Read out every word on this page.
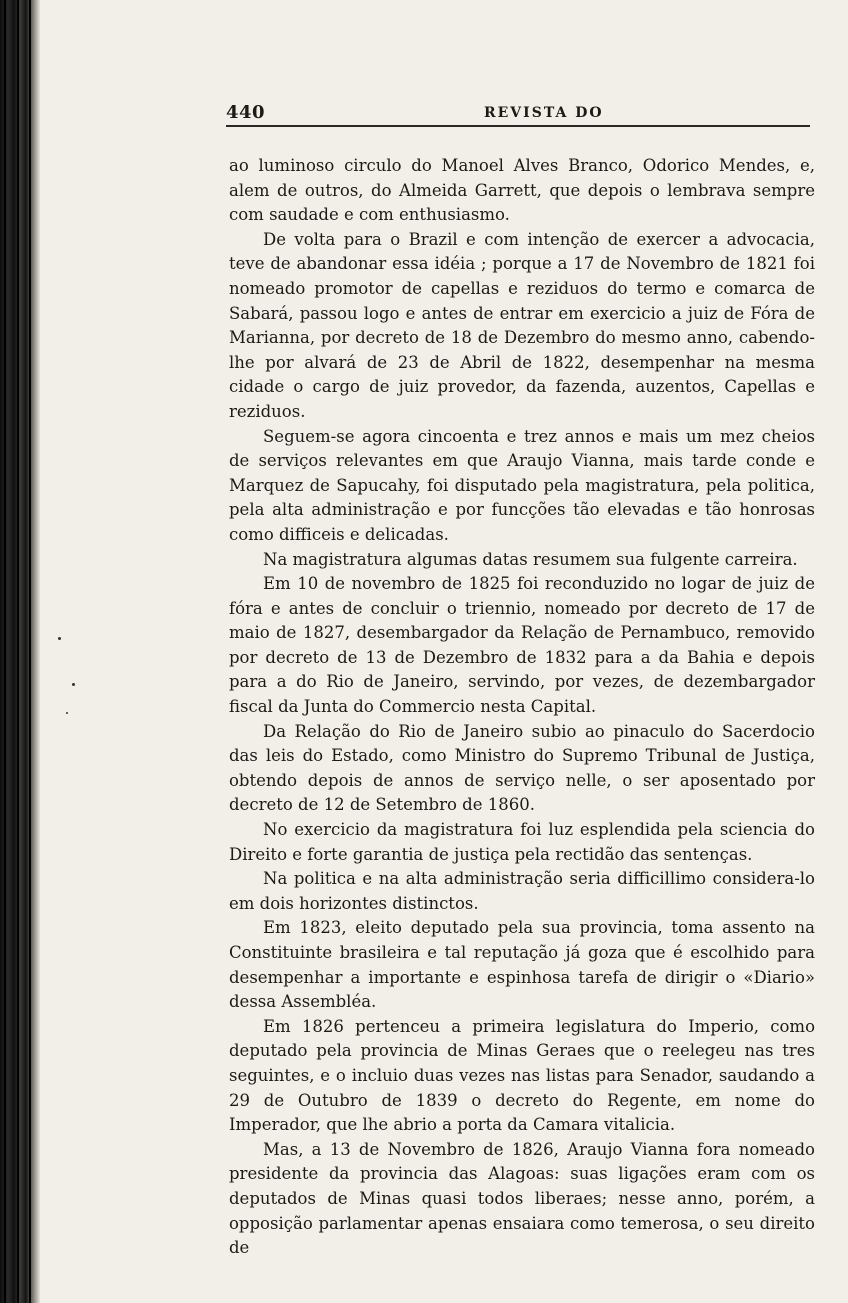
440	REVISTA DO

ao luminoso circulo do Manoel Alves Branco, Odorico Mendes, e, alem de outros, do Almeida Garrett, que depois o lembrava sempre com saudade e com enthusiasmo.

De volta para o Brazil e com intenção de exercer a advocacia, teve de abandonar essa idéia ; porque a 17 de Novembro de 1821 foi nomeado promotor de capellas e reziduos do termo e comarca de Sabará, passou logo e antes de entrar em exercicio a juiz de Fóra de Marianna, por decreto de 18 de Dezembro do mesmo anno, cabendo-lhe por alvará de 23 de Abril de 1822, desempenhar na mesma cidade o cargo de juiz provedor, da fazenda, auzentos, Capellas e reziduos.

Seguem-se agora cincoenta e trez annos e mais um mez cheios de serviços relevantes em que Araujo Vianna, mais tarde conde e Marquez de Sapucahy, foi disputado pela magistratura, pela politica, pela alta administração e por funcções tão elevadas e tão honrosas como difficeis e delicadas.

Na magistratura algumas datas resumem sua fulgente carreira.

Em 10 de novembro de 1825 foi reconduzido no logar de juiz de fóra e antes de concluir o triennio, nomeado por decreto de 17 de maio de 1827, desembargador da Relação de Pernambuco, removido por decreto de 13 de Dezembro de 1832 para a da Bahia e depois para a do Rio de Janeiro, servindo, por vezes, de dezembargador fiscal da Junta do Commercio nesta Capital.

Da Relação do Rio de Janeiro subio ao pinaculo do Sacerdocio das leis do Estado, como Ministro do Supremo Tribunal de Justiça, obtendo depois de annos de serviço nelle, o ser aposentado por decreto de 12 de Setembro de 1860.

No exercicio da magistratura foi luz esplendida pela sciencia do Direito e forte garantia de justiça pela rectidão das sentenças.

Na politica e na alta administração seria difficillimo considera-lo em dois horizontes distinctos.

Em 1823, eleito deputado pela sua provincia, toma assento na Constituinte brasileira e tal reputação já goza que é escolhido para desempenhar a importante e espinhosa tarefa de dirigir o «Diario» dessa Assembléa.

Em 1826 pertenceu a primeira legislatura do Imperio, como deputado pela provincia de Minas Geraes que o reelegeu nas tres seguintes, e o incluio duas vezes nas listas para Senador, saudando a 29 de Outubro de 1839 o decreto do Regente, em nome do Imperador, que lhe abrio a porta da Camara vitalicia.

Mas, a 13 de Novembro de 1826, Araujo Vianna fora nomeado presidente da provincia das Alagoas: suas ligações eram com os deputados de Minas quasi todos liberaes; nesse anno, porém, a opposição parlamentar apenas ensaiara como temerosa, o seu direito de
